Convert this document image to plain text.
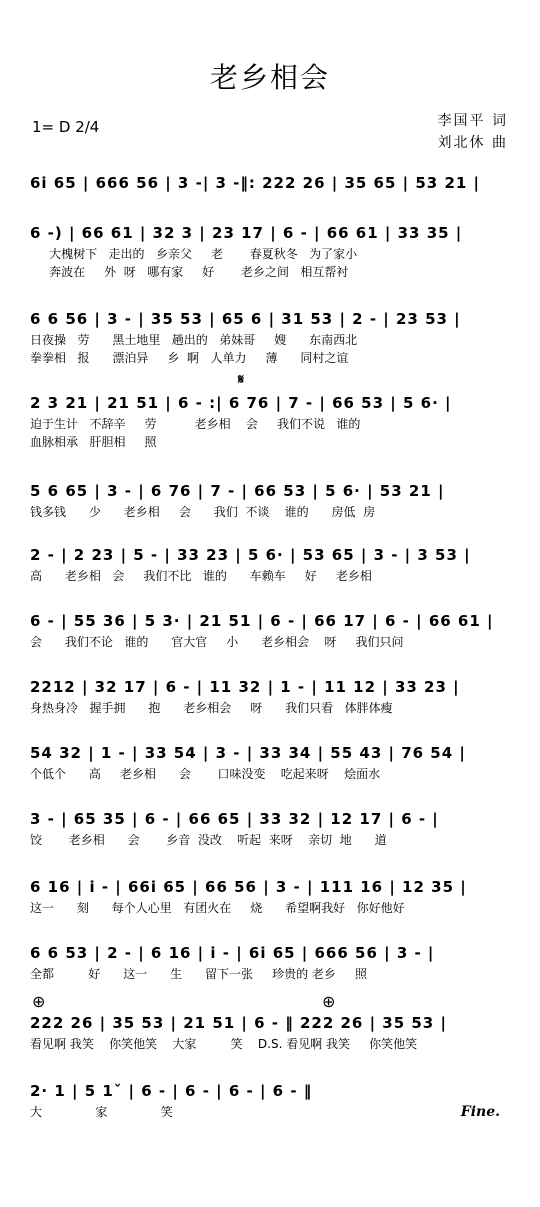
老乡相会
1= D 2/4	李国平 词
刘北休 曲
𝄋
⊕	⊕
6i 65 | 666 56 | 3 -| 3 -‖: 222 26 | 35 65 | 53 21 |
6 -) | 66 61 | 32 3 | 23 17 | 6 - | 66 61 | 33 35 |
大槐树下   走出的   乡亲父     老       春夏秋冬   为了家小
奔波在     外  呀   哪有家     好       老乡之间   相互帮衬
6 6 56 | 3 - | 35 53 | 65 6 | 31 53 | 2 - | 23 53 |
日夜操   劳      黑土地里   趟出的   弟妹哥     嫂      东南西北
拳拳相   报      漂泊异     乡  啊   人单力     薄      同村之谊
2 3 21 | 21 51 | 6 - :| 6 76 | 7 - | 66 53 | 5 6· |
迫于生计   不辞辛     劳          老乡相    会     我们不说   谁的
血脉相承   肝胆相     照
5 6 65 | 3 - | 6 76 | 7 - | 66 53 | 5 6· | 53 21 |
钱多钱      少      老乡相     会      我们  不谈    谁的      房低  房
2 - | 2 23 | 5 - | 33 23 | 5 6· | 53 65 | 3 - | 3 53 |
高      老乡相   会     我们不比   谁的      车赖车     好     老乡相
6 - | 55 36 | 5 3· | 21 51 | 6 - | 66 17 | 6 - | 66 61 |
会      我们不论   谁的      官大官     小      老乡相会    呀     我们只问
2212 | 32 17 | 6 - | 11 32 | 1 - | 11 12 | 33 23 |
身热身冷   握手拥      抱      老乡相会     呀      我们只看   体胖体瘦
54 32 | 1 - | 33 54 | 3 - | 33 34 | 55 43 | 76 54 |
个低个      高     老乡相      会       口味没变    吃起来呀    烩面水
3 - | 65 35 | 6 - | 66 65 | 33 32 | 12 17 | 6 - |
饺       老乡相      会       乡音  没改    听起  来呀    亲切  地      道
6 16 | i - | 66i 65 | 66 56 | 3 - | 111 16 | 12 35 |
这一      刻      每个人心里   有团火在     烧      希望啊我好   你好他好
6 6 53 | 2 - | 6 16 | i - | 6i 65 | 666 56 | 3 - |
全都         好      这一      生      留下一张     珍贵的 老乡     照
222 26 | 35 53 | 21 51 | 6 - ‖ 222 26 | 35 53 |
看见啊 我笑    你笑他笑    大家         笑    D.S. 看见啊 我笑     你笑他笑
2· 1 | 5 1ˇ | 6 - | 6 - | 6 - | 6 - ‖
大              家              笑	Fine.
